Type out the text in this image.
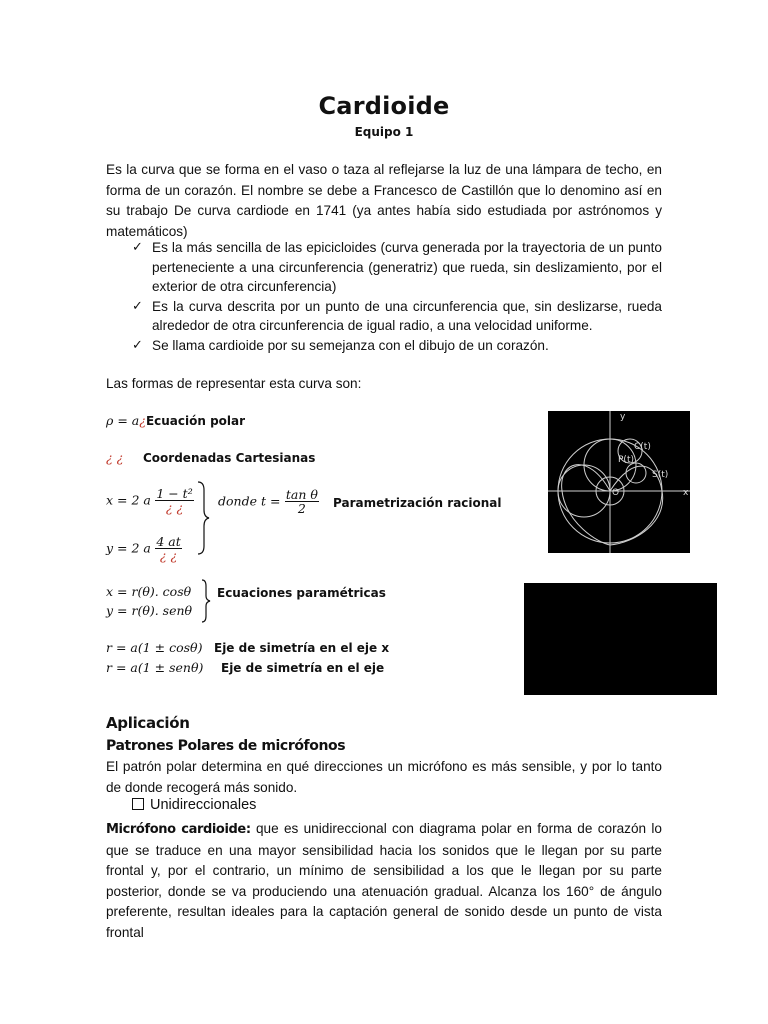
Cardioide
Equipo 1
Es la curva que se forma en el vaso o taza al reflejarse la luz de una lámpara de techo, en forma de un corazón. El nombre se debe a Francesco de Castillón que lo denomino así en su trabajo De curva cardiode en 1741 (ya antes había sido estudiada por astrónomos y matemáticos)
✓ Es la más sencilla de las epicicloides (curva generada por la trayectoria de un punto perteneciente a una circunferencia (generatriz) que rueda, sin deslizamiento, por el exterior de otra circunferencia)
✓ Es la curva descrita por un punto de una circunferencia que, sin deslizarse, rueda alrededor de otra circunferencia de igual radio, a una velocidad uniforme.
✓ Se llama cardioide por su semejanza con el dibujo de un corazón.
Las formas de representar esta curva son:
ρ = a¿Ecuación polar
¿ ¿ Coordenadas Cartesianas
x = 2 a $\frac{\text{1 − t²}}{¿ ¿}$
y = 2 a $\frac{4 at}{¿ ¿}$
donde $t = \frac{\text{tan θ}}{2}$ Parametrización racional
x = r(θ). cosθ
y = r(θ). senθ
Ecuaciones paramétricas
r = a(1 ± cosθ) Eje de simetría en el eje x
r = a(1 ± senθ) Eje de simetría en el eje
y
C(t)
P(t)
S(t)
O	x
Aplicación
Patrones Polares de micrófonos
El patrón polar determina en qué direcciones un micrófono es más sensible, y por lo tanto de donde recogerá más sonido.
Unidireccionales
Micrófono cardioide: que es unidireccional con diagrama polar en forma de corazón lo que se traduce en una mayor sensibilidad hacia los sonidos que le llegan por su parte frontal y, por el contrario, un mínimo de sensibilidad a los que le llegan por su parte posterior, donde se va produciendo una atenuación gradual. Alcanza los 160° de ángulo preferente, resultan ideales para la captación general de sonido desde un punto de vista frontal
